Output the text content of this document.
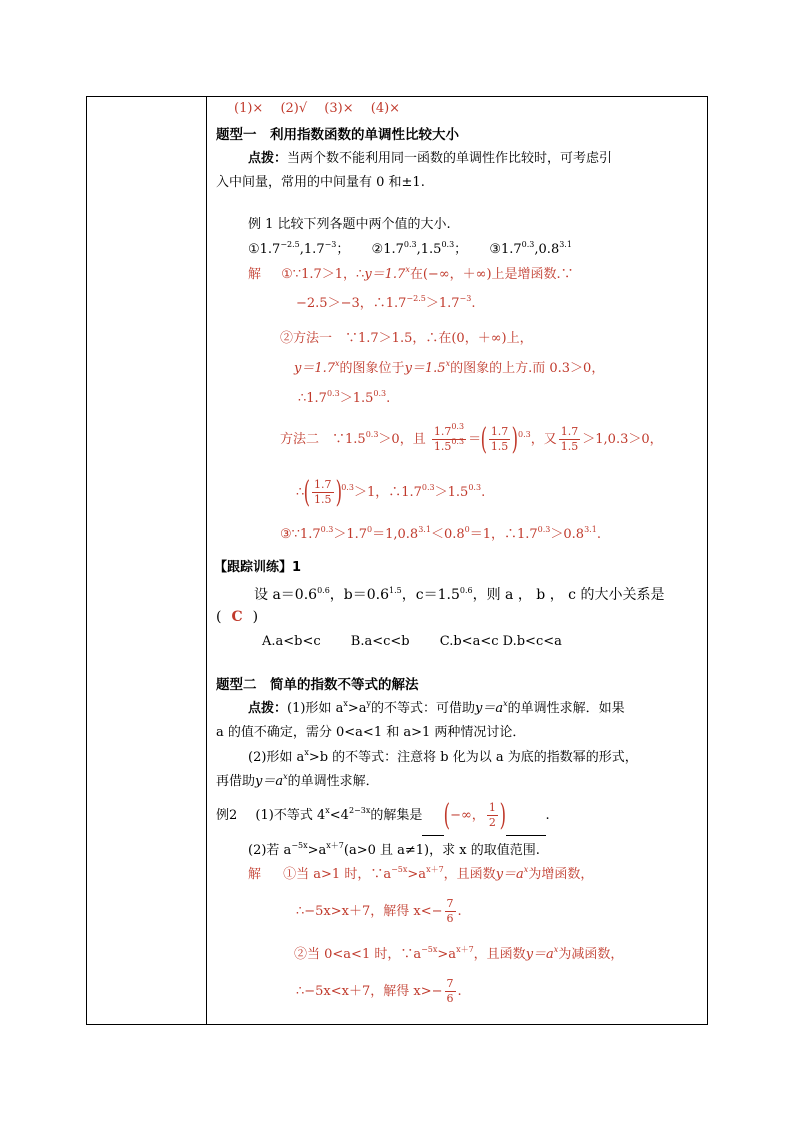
(1)×　 (2)√　 (3)×　 (4)×
题型一　利用指数函数的单调性比较大小
点拨：当两个数不能利用同一函数的单调性作比较时，可考虑引
入中间量，常用的中间量有 0 和±1.
例 1 比较下列各题中两个值的大小.
$①1.7^{-2.5},1.7^{-3}$； $②1.7^{0.3},1.5^{0.3}$； $③1.7^{0.3},0.8^{3.1}$
解 ①∵1.7＞1，$\therefore y=1.7^x$在(−∞，＋∞)上是增函数.∵
−2.5＞−3，$\therefore 1.7^{-2.5}>1.7^{-3}$.
②方法一　∵1.7＞1.5，∴在(0，＋∞)上，
$y=1.7^x$的图象位于$y=1.5^x$的图象的上方.而 0.3＞0，
$\therefore 1.7^{0.3}>1.5^{0.3}$.
方法二　$\because 1.5^{0.3}>0$，且 $\frac{1.7^{0.3}}{1.5^{0.3}}$ ＝( $\frac{1.7}{1.5} )^{0.3}$，又 $\frac{1.7}{1.5} >1,0.3>0$，
∴( $\frac{1.7}{1.5} )^{0.3}>1$，$\therefore 1.7^{0.3}>1.5^{0.3}$.
$③\because 1.7^{0.3}>1.7^0=1,0.8^{3.1}<0.8^0=1$，$\therefore 1.7^{0.3}>0.8^{3.1}$.
【跟踪训练】1
设 $a=0.6^{0.6}$，$b=0.6^{1.5}$，$c=1.5^{0.6}$，则 a ， b ， c 的大小关系是
( C )
A.a<b<c　　 B.a<c<b　　 C.b<a<c D.b<c<a
题型二　简单的指数不等式的解法
点拨：(1)形如 $a^x>a^y$的不等式：可借助$y=a^x$的单调性求解．如果
a 的值不确定，需分 0<a<1 和 a>1 两种情况讨论．
(2)形如 $a^x>b$ 的不等式：注意将 b 化为以 a 为底的指数幂的形式，
再借助$y=a^x$的单调性求解．
例2 (1)不等式 $4^x<4^{2-3x}$的解集是 (−∞， $\frac{1}{2}$ )	.
(2)若 $a^{-5x}>a^{x+7}(a>0$ 且 a≠1)，求 x 的取值范围.
解 ①当 a>1 时，$\because a^{-5x}>a^{x+7}$，且函数$y=a^x$为增函数，
∴−5x>x＋7，解得 $x<- \frac{7}{6}$ .
②当 0<a<1 时，$\because a^{-5x}>a^{x+7}$，且函数$y=a^x$为减函数，
∴−5x<x＋7，解得 $x>- \frac{7}{6}$ .
